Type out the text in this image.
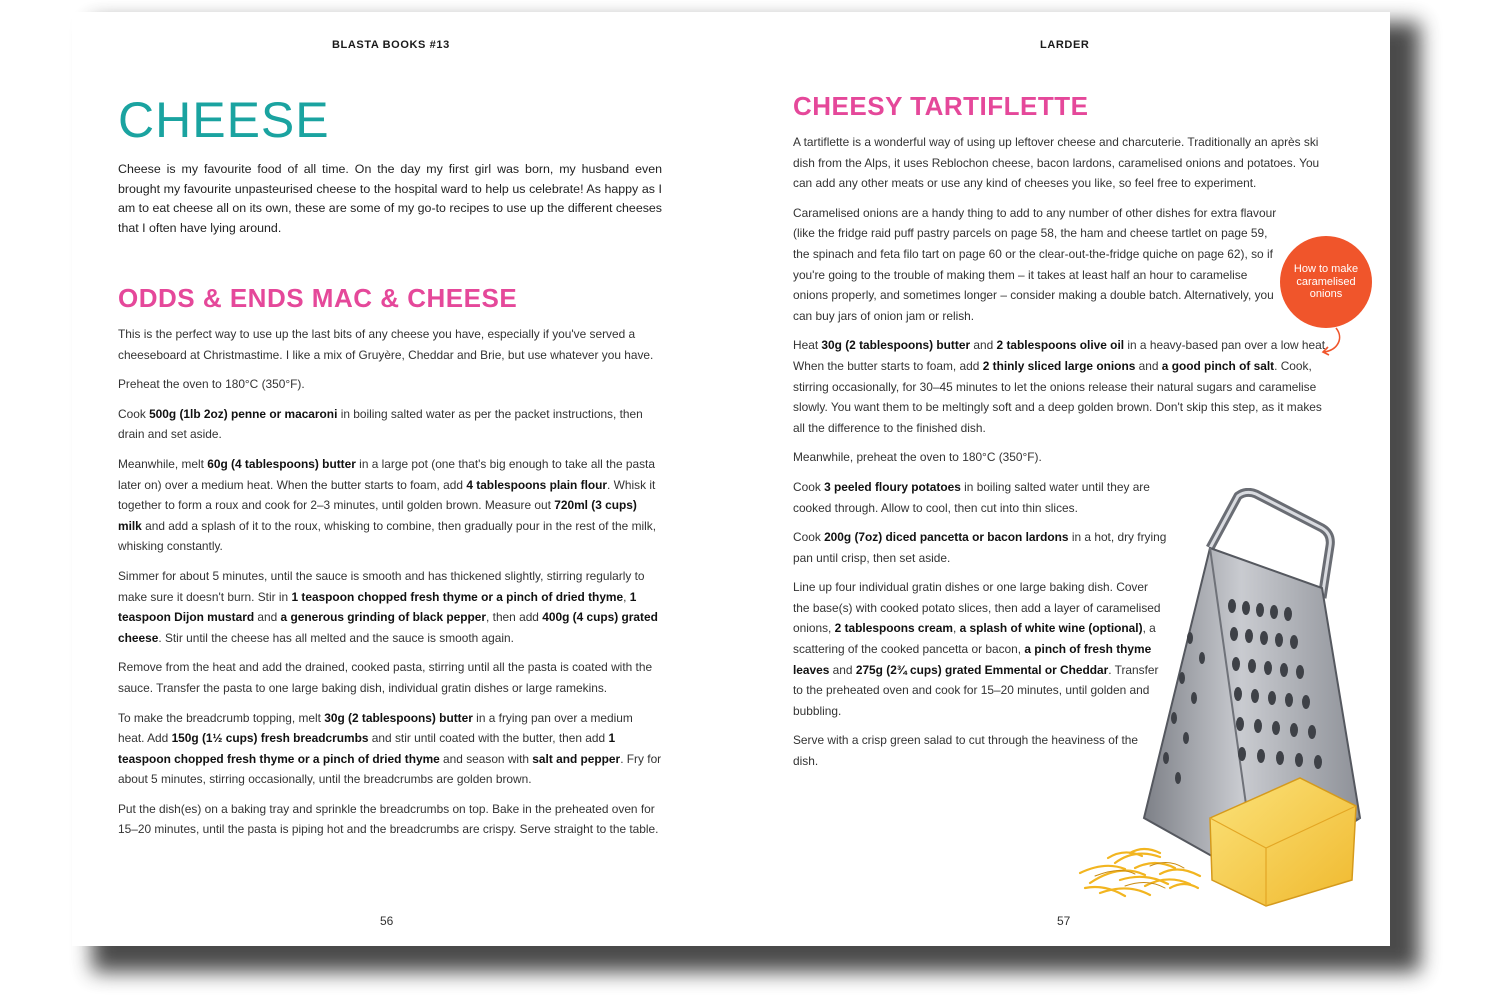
BLASTA BOOKS #13	LARDER
CHEESE

Cheese is my favourite food of all time. On the day my first girl was born, my husband even brought my favourite unpasteurised cheese to the hospital ward to help us celebrate! As happy as I am to eat cheese all on its own, these are some of my go-to recipes to use up the different cheeses that I often have lying around.

ODDS & ENDS MAC & CHEESE

This is the perfect way to use up the last bits of any cheese you have, especially if you've served a cheeseboard at Christmastime. I like a mix of Gruyère, Cheddar and Brie, but use whatever you have.

Preheat the oven to 180°C (350°F).

Cook 500g (1lb 2oz) penne or macaroni in boiling salted water as per the packet instructions, then drain and set aside.

Meanwhile, melt 60g (4 tablespoons) butter in a large pot (one that's big enough to take all the pasta later on) over a medium heat. When the butter starts to foam, add 4 tablespoons plain flour. Whisk it together to form a roux and cook for 2–3 minutes, until golden brown. Measure out 720ml (3 cups) milk and add a splash of it to the roux, whisking to combine, then gradually pour in the rest of the milk, whisking constantly.

Simmer for about 5 minutes, until the sauce is smooth and has thickened slightly, stirring regularly to make sure it doesn't burn. Stir in 1 teaspoon chopped fresh thyme or a pinch of dried thyme, 1 teaspoon Dijon mustard and a generous grinding of black pepper, then add 400g (4 cups) grated cheese. Stir until the cheese has all melted and the sauce is smooth again.

Remove from the heat and add the drained, cooked pasta, stirring until all the pasta is coated with the sauce. Transfer the pasta to one large baking dish, individual gratin dishes or large ramekins.

To make the breadcrumb topping, melt 30g (2 tablespoons) butter in a frying pan over a medium heat. Add 150g (1½ cups) fresh breadcrumbs and stir until coated with the butter, then add 1 teaspoon chopped fresh thyme or a pinch of dried thyme and season with salt and pepper. Fry for about 5 minutes, stirring occasionally, until the breadcrumbs are golden brown.

Put the dish(es) on a baking tray and sprinkle the breadcrumbs on top. Bake in the preheated oven for 15–20 minutes, until the pasta is piping hot and the breadcrumbs are crispy. Serve straight to the table.

CHEESY TARTIFLETTE

A tartiflette is a wonderful way of using up leftover cheese and charcuterie. Traditionally an après ski dish from the Alps, it uses Reblochon cheese, bacon lardons, caramelised onions and potatoes. You can add any other meats or use any kind of cheeses you like, so feel free to experiment.

Caramelised onions are a handy thing to add to any number of other dishes for extra flavour (like the fridge raid puff pastry parcels on page 58, the ham and cheese tartlet on page 59, the spinach and feta filo tart on page 60 or the clear-out-the-fridge quiche on page 62), so if you're going to the trouble of making them – it takes at least half an hour to caramelise onions properly, and sometimes longer – consider making a double batch. Alternatively, you can buy jars of onion jam or relish.

Heat 30g (2 tablespoons) butter and 2 tablespoons olive oil in a heavy-based pan over a low heat. When the butter starts to foam, add 2 thinly sliced large onions and a good pinch of salt. Cook, stirring occasionally, for 30–45 minutes to let the onions release their natural sugars and caramelise slowly. You want them to be meltingly soft and a deep golden brown. Don't skip this step, as it makes all the difference to the finished dish.

Meanwhile, preheat the oven to 180°C (350°F).

Cook 3 peeled floury potatoes in boiling salted water until they are cooked through. Allow to cool, then cut into thin slices.

Cook 200g (7oz) diced pancetta or bacon lardons in a hot, dry frying pan until crisp, then set aside.

Line up four individual gratin dishes or one large baking dish. Cover the base(s) with cooked potato slices, then add a layer of caramelised onions, 2 tablespoons cream, a splash of white wine (optional), a scattering of the cooked pancetta or bacon, a pinch of fresh thyme leaves and 275g (2¾ cups) grated Emmental or Cheddar. Transfer to the preheated oven and cook for 15–20 minutes, until golden and bubbling.

Serve with a crisp green salad to cut through the heaviness of the dish.

How to make caramelised onions
56	57
